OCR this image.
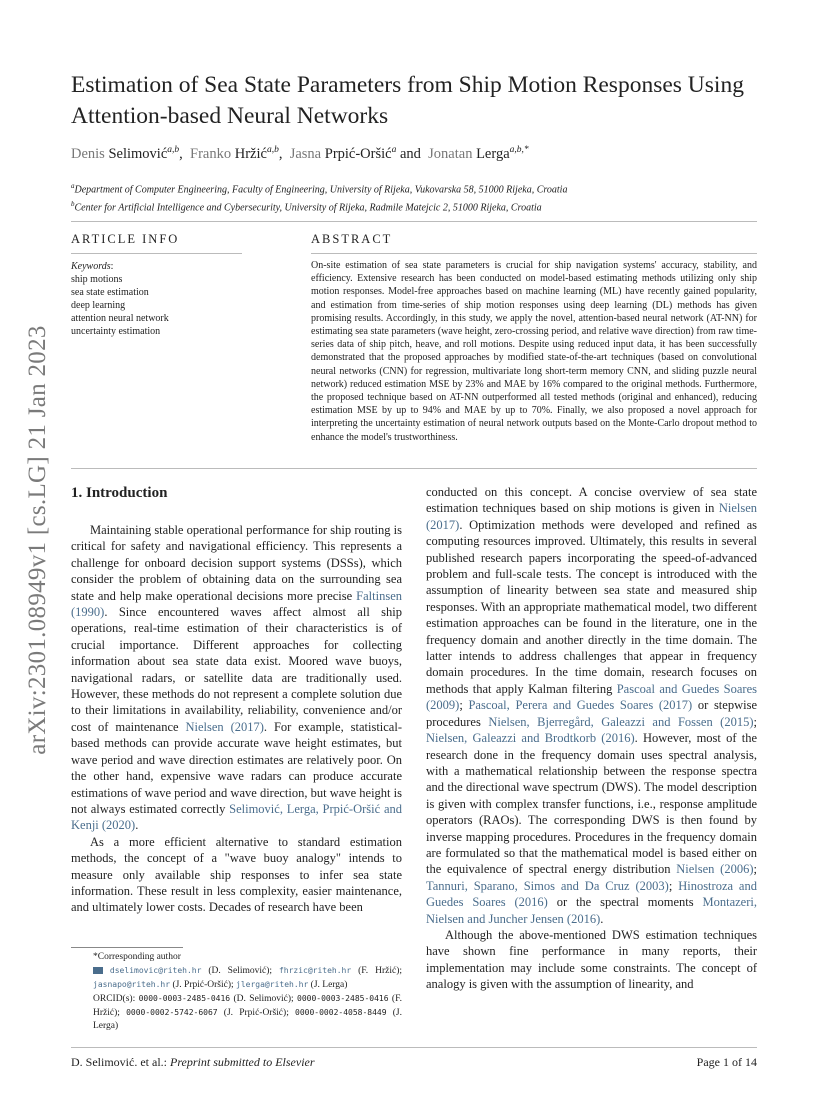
arXiv:2301.08949v1 [cs.LG] 21 Jan 2023
Estimation of Sea State Parameters from Ship Motion Responses Using Attention-based Neural Networks
Denis Selimović$^{a,b}$,  Franko Hržić$^{a,b}$,  Jasna Prpić-Oršić$^a$ and Jonatan Lerga$^{a,b,*}$
$^a$Department of Computer Engineering, Faculty of Engineering, University of Rijeka, Vukovarska 58, 51000 Rijeka, Croatia
$^b$Center for Artificial Intelligence and Cybersecurity, University of Rijeka, Radmile Matejcic 2, 51000 Rijeka, Croatia
ARTICLE INFO
Keywords:
ship motions
sea state estimation
deep learning
attention neural network
uncertainty estimation
ABSTRACT

On-site estimation of sea state parameters is crucial for ship navigation systems' accuracy, stability, and efficiency. Extensive research has been conducted on model-based estimating methods utilizing only ship motion responses. Model-free approaches based on machine learning (ML) have recently gained popularity, and estimation from time-series of ship motion responses using deep learning (DL) methods has given promising results. Accordingly, in this study, we apply the novel, attention-based neural network (AT-NN) for estimating sea state parameters (wave height, zero-crossing period, and relative wave direction) from raw time-series data of ship pitch, heave, and roll motions. Despite using reduced input data, it has been successfully demonstrated that the proposed approaches by modified state-of-the-art techniques (based on convolutional neural networks (CNN) for regression, multivariate long short-term memory CNN, and sliding puzzle neural network) reduced estimation MSE by 23% and MAE by 16% compared to the original methods. Furthermore, the proposed technique based on AT-NN outperformed all tested methods (original and enhanced), reducing estimation MSE by up to 94% and MAE by up to 70%. Finally, we also proposed a novel approach for interpreting the uncertainty estimation of neural network outputs based on the Monte-Carlo dropout method to enhance the model's trustworthiness.

1. Introduction

Maintaining stable operational performance for ship routing is critical for safety and navigational efficiency. This represents a challenge for onboard decision support systems (DSSs), which consider the problem of obtaining data on the surrounding sea state and help make operational decisions more precise Faltinsen (1990). Since encountered waves affect almost all ship operations, real-time estimation of their characteristics is of crucial importance. Different approaches for collecting information about sea state data exist. Moored wave buoys, navigational radars, or satellite data are traditionally used. However, these methods do not represent a complete solution due to their limitations in availability, reliability, convenience and/or cost of maintenance Nielsen (2017). For example, statistical-based methods can provide accurate wave height estimates, but wave period and wave direction estimates are relatively poor. On the other hand, expensive wave radars can produce accurate estimations of wave period and wave direction, but wave height is not always estimated correctly Selimović, Lerga, Prpić-Oršić and Kenji (2020).

As a more efficient alternative to standard estimation methods, the concept of a "wave buoy analogy" intends to measure only available ship responses to infer sea state information. These result in less complexity, easier maintenance, and ultimately lower costs. Decades of research have been

conducted on this concept. A concise overview of sea state estimation techniques based on ship motions is given in Nielsen (2017). Optimization methods were developed and refined as computing resources improved. Ultimately, this results in several published research papers incorporating the speed-of-advanced problem and full-scale tests. The concept is introduced with the assumption of linearity between sea state and measured ship responses. With an appropriate mathematical model, two different estimation approaches can be found in the literature, one in the frequency domain and another directly in the time domain. The latter intends to address challenges that appear in frequency domain procedures. In the time domain, research focuses on methods that apply Kalman filtering Pascoal and Guedes Soares (2009); Pascoal, Perera and Guedes Soares (2017) or stepwise procedures Nielsen, Bjerregård, Galeazzi and Fossen (2015); Nielsen, Galeazzi and Brodtkorb (2016). However, most of the research done in the frequency domain uses spectral analysis, with a mathematical relationship between the response spectra and the directional wave spectrum (DWS). The model description is given with complex transfer functions, i.e., response amplitude operators (RAOs). The corresponding DWS is then found by inverse mapping procedures. Procedures in the frequency domain are formulated so that the mathematical model is based either on the equivalence of spectral energy distribution Nielsen (2006); Tannuri, Sparano, Simos and Da Cruz (2003); Hinostroza and Guedes Soares (2016) or the spectral moments Montazeri, Nielsen and Juncher Jensen (2016).

Although the above-mentioned DWS estimation techniques have shown fine performance in many reports, their implementation may include some constraints. The concept of analogy is given with the assumption of linearity, and

*Corresponding author
dselimovic@riteh.hr (D. Selimović); fhrzic@riteh.hr (F. Hržić); jasnapo@riteh.hr (J. Prpić-Oršić); jlerga@riteh.hr (J. Lerga)
ORCID(s): 0000-0003-2485-0416 (D. Selimović); 0000-0003-2485-0416 (F. Hržić); 0000-0002-5742-6067 (J. Prpić-Oršić); 0000-0002-4058-8449 (J. Lerga)
D. Selimović. et al.: Preprint submitted to Elsevier	Page 1 of 14
